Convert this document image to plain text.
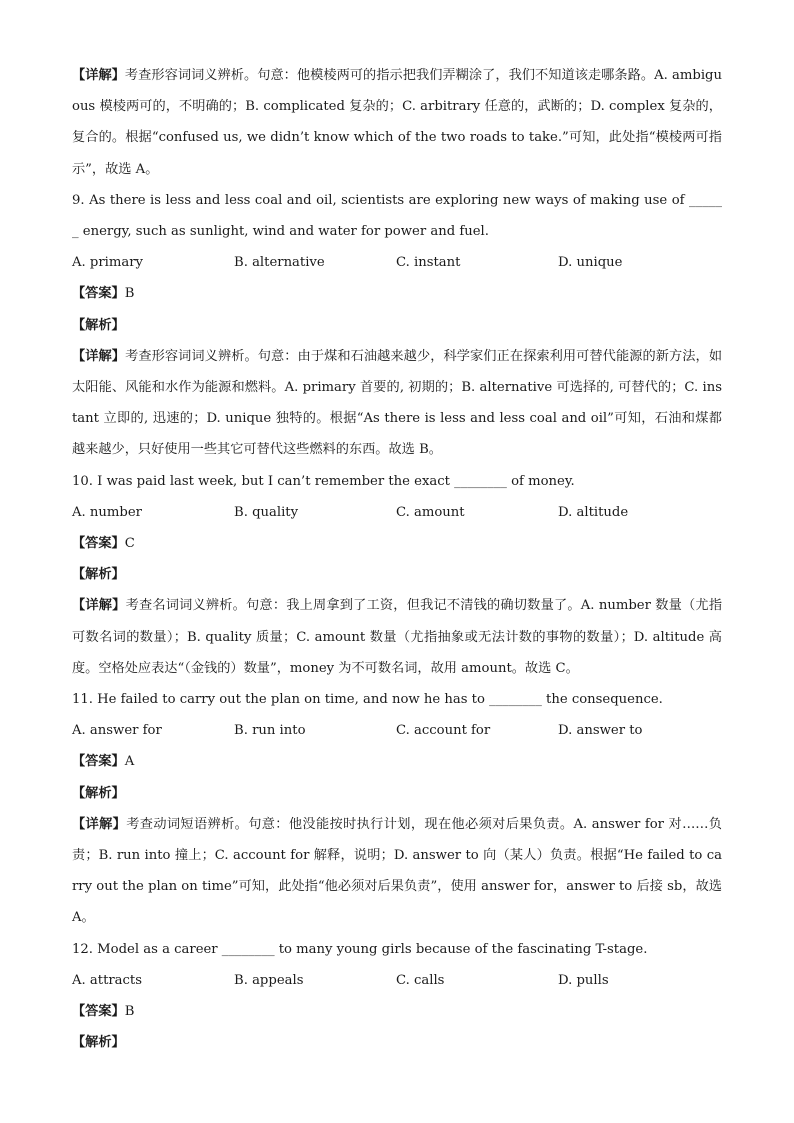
【详解】考查形容词词义辨析。句意：他模棱两可的指示把我们弄糊涂了，我们不知道该走哪条路。A. ambiguous 模棱两可的，不明确的；B. complicated 复杂的；C. arbitrary 任意的，武断的；D. complex 复杂的，复合的。根据“confused us, we didn’t know which of the two roads to take.”可知，此处指“模棱两可指示”，故选 A。

9. As there is less and less coal and oil, scientists are exploring new ways of making use of ______ energy, such as sunlight, wind and water for power and fuel.

A. primary	B. alternative	C. instant	D. unique

【答案】B

【解析】

【详解】考查形容词词义辨析。句意：由于煤和石油越来越少，科学家们正在探索利用可替代能源的新方法，如太阳能、风能和水作为能源和燃料。A. primary 首要的, 初期的；B. alternative 可选择的, 可替代的；C. instant 立即的, 迅速的；D. unique 独特的。根据“As there is less and less coal and oil”可知，石油和煤都越来越少，只好使用一些其它可替代这些燃料的东西。故选 B。

10. I was paid last week, but I can’t remember the exact ________ of money.

A. number	B. quality	C. amount	D. altitude

【答案】C

【解析】

【详解】考查名词词义辨析。句意：我上周拿到了工资，但我记不清钱的确切数量了。A. number 数量（尤指可数名词的数量）；B. quality 质量；C. amount 数量（尤指抽象或无法计数的事物的数量）；D. altitude 高度。空格处应表达“（金钱的）数量”，money 为不可数名词，故用 amount。故选 C。

11. He failed to carry out the plan on time, and now he has to ________ the consequence.

A. answer for	B. run into	C. account for	D. answer to

【答案】A

【解析】

【详解】考查动词短语辨析。句意：他没能按时执行计划，现在他必须对后果负责。A. answer for 对……负责；B. run into 撞上；C. account for 解释，说明；D. answer to 向（某人）负责。根据“He failed to carry out the plan on time”可知，此处指“他必须对后果负责”，使用 answer for，answer to 后接 sb，故选 A。

12. Model as a career ________ to many young girls because of the fascinating T-stage.

A. attracts	B. appeals	C. calls	D. pulls

【答案】B

【解析】
